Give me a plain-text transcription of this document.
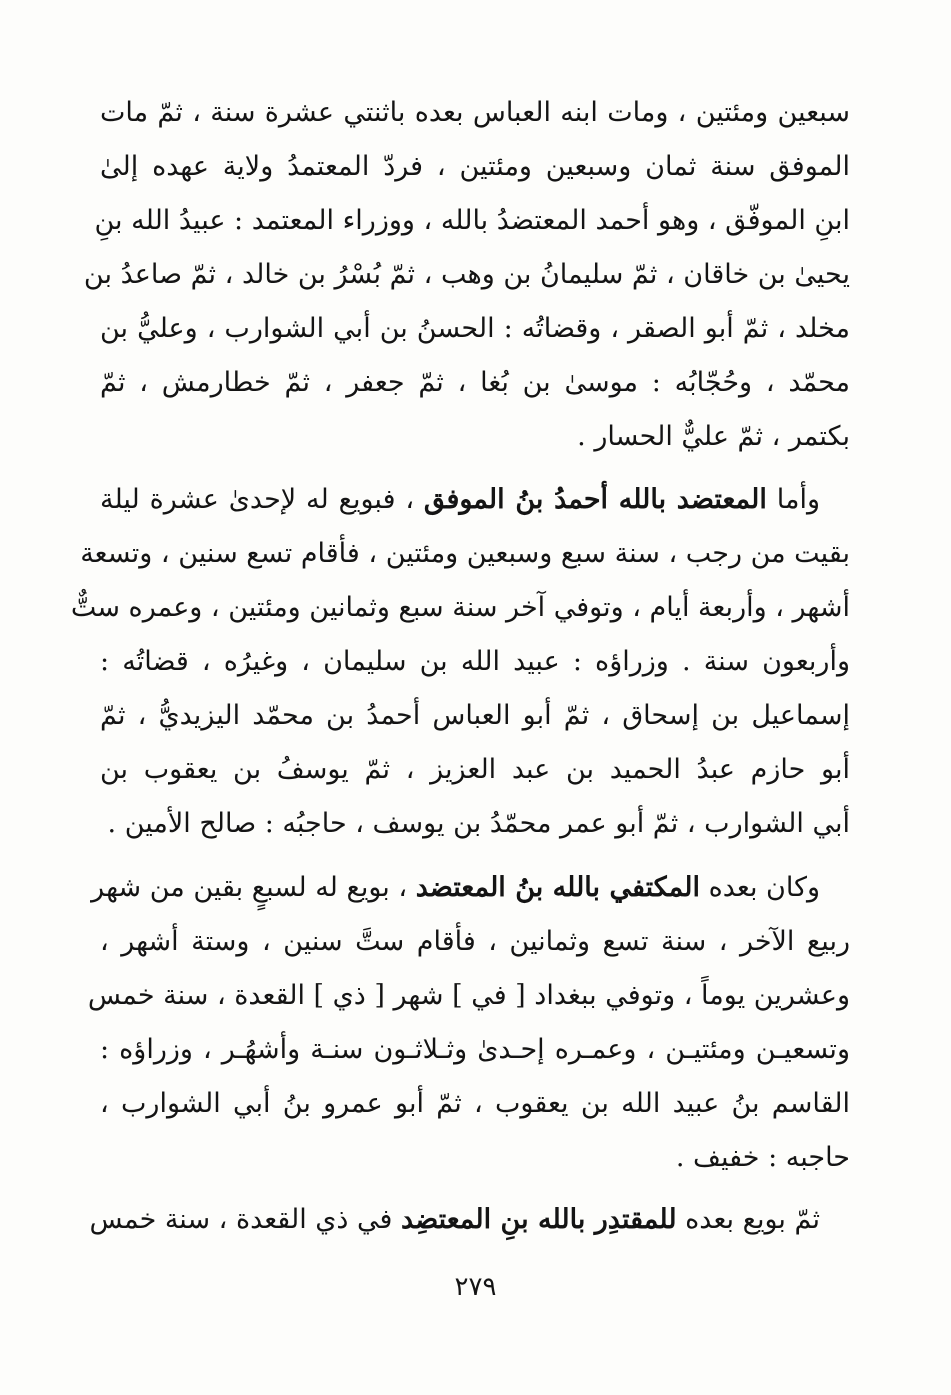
سبعين ومئتين ، ومات ابنه العباس بعده باثنتي عشرة سنة ، ثمّ مات
الموفق سنة ثمان وسبعين ومئتين ، فردّ المعتمدُ ولاية عهده إلىٰ
ابنِ الموفّق ، وهو أحمد المعتضدُ بالله ، ووزراء المعتمد : عبيدُ الله بنِ
يحيىٰ بن خاقان ، ثمّ سليمانُ بن وهب ، ثمّ بُسْرُ بن خالد ، ثمّ صاعدُ بن
مخلد ، ثمّ أبو الصقر ، وقضاتُه : الحسنُ بن أبي الشوارب ، وعليُّ بن
محمّد ، وحُجّابُه : موسىٰ بن بُغا ، ثمّ جعفر ، ثمّ خطارمش ، ثمّ
بكتمر ، ثمّ عليٌّ الحسار .
وأما المعتضد بالله أحمدُ بنُ الموفق ، فبويع له لإحدىٰ عشرة ليلة
بقيت من رجب ، سنة سبع وسبعين ومئتين ، فأقام تسع سنين ، وتسعة
أشهر ، وأربعة أيام ، وتوفي آخر سنة سبع وثمانين ومئتين ، وعمره ستٌّ
وأربعون سنة . وزراؤه : عبيد الله بن سليمان ، وغيرُه ، قضاتُه :
إسماعيل بن إسحاق ، ثمّ أبو العباس أحمدُ بن محمّد اليزيديُّ ، ثمّ
أبو حازم عبدُ الحميد بن عبد العزيز ، ثمّ يوسفُ بن يعقوب بن
أبي الشوارب ، ثمّ أبو عمر محمّدُ بن يوسف ، حاجبُه : صالح الأمين .
وكان بعده المكتفي بالله بنُ المعتضد ، بويع له لسبعٍ بقين من شهر
ربيع الآخر ، سنة تسع وثمانين ، فأقام ستَّ سنين ، وستة أشهر ،
وعشرين يوماً ، وتوفي ببغداد [ في ] شهر [ ذي ] القعدة ، سنة خمس
وتسعيـن ومئتيـن ، وعمـره إحـدىٰ وثـلاثـون سنـة وأشهُـر ، وزراؤه :
القاسم بنُ عبيد الله بن يعقوب ، ثمّ أبو عمرو بنُ أبي الشوارب ،
حاجبه : خفيف .
ثمّ بويع بعده للمقتدِر بالله بنِ المعتضِد في ذي القعدة ، سنة خمس
٢٧٩
